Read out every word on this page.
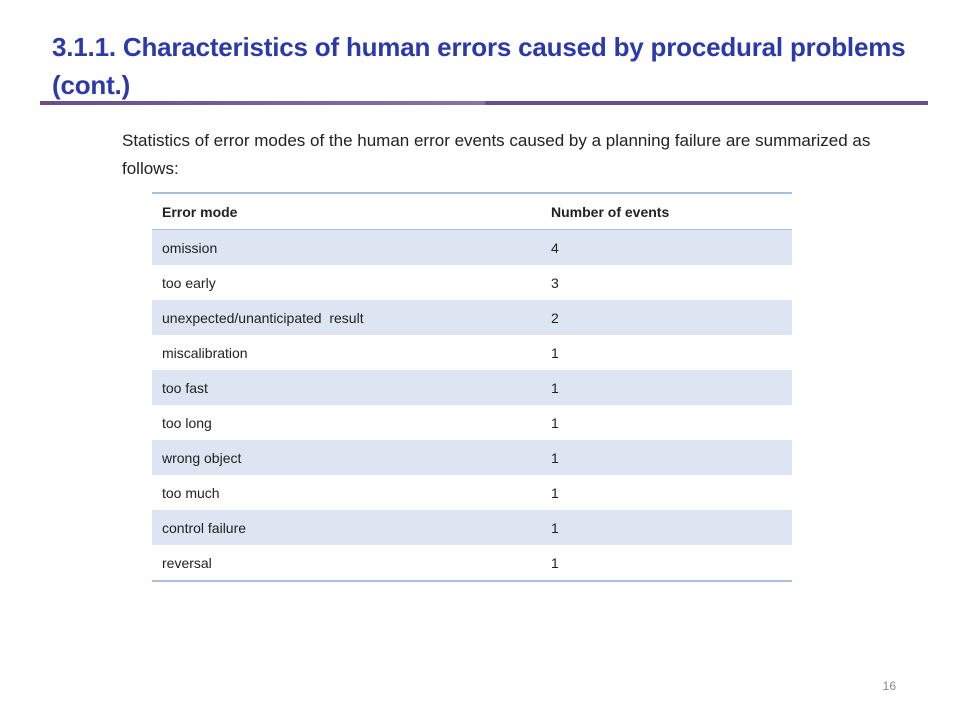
3.1.1. Characteristics of human errors caused by procedural problems (cont.)

Statistics of error modes of the human error events caused by a planning failure are summarized as follows:

Error mode	Number of events
omission	4
too early	3
unexpected/unanticipated  result	2
miscalibration	1
too fast	1
too long	1
wrong object	1
too much	1
control failure	1
reversal	1
16
